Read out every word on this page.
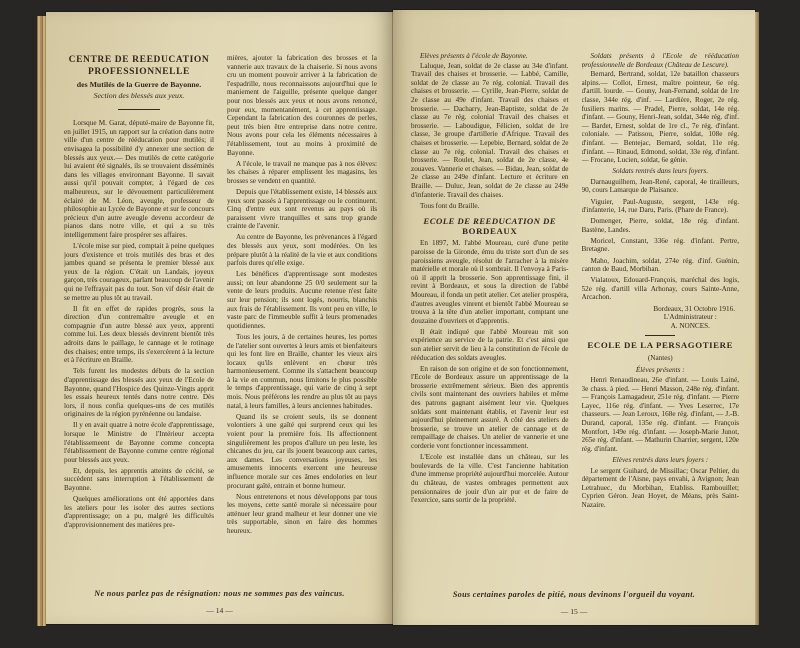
CENTRE DE REEDUCATION

PROFESSIONNELLE

des Mutilés de la Guerre de Bayonne.

Section des blessés aux yeux.

Lorsque M. Garat, député-maire de Bayonne fit, en juillet 1915, un rapport sur la création dans notre ville d'un centre de rééducation pour mutilés; il envisagea la possibilité d'y annexer une section de blessés aux yeux.— Des mutilés de cette catégorie lui avaient été signalés, ils se trouvaient disséminés dans les villages environnant Bayonne. Il savait aussi qu'il pouvait compter, à l'égard de ces malheureux, sur le dévouement particulièrement éclairé de M. Léon, aveugle, professeur de philosophie au Lycée de Bayonne et sur le concours précieux d'un autre aveugle devenu accordeur de pianos dans notre ville, et qui a su très intelligemment faire prospérer ses affaires.

L'école mise sur pied, comptait à peine quelques jours d'existence et trois mutilés des bras et des jambes quand se présenta le premier blessé aux yeux de la région. C'était un Landais, joyeux garçon, très courageux, parlant beaucoup de l'avenir qui ne l'effrayait pas du tout. Son vif désir était de se mettre au plus tôt au travail.

Il fit en effet de rapides progrès, sous la direction d'un contremaître aveugle et en compagnie d'un autre blessé aux yeux, apprenti comme lui. Les deux blessés devinrent bientôt très adroits dans le paillage, le cannage et le rotinage des chaises; entre temps, ils s'exercèrent à la lecture et à l'écriture en Braille.

Tels furent les modestes débuts de la section d'apprentissage des blessés aux yeux de l'Ecole de Bayonne, quand l'Hospice des Quinze-Vingts apprit les essais heureux tentés dans notre centre. Dès lors, il nous confia quelques-uns de ces mutilés originaires de la région pyrénéenne ou landaise.

Il y en avait quatre à notre école d'apprentissage, lorsque le Ministre de l'Intérieur accepta l'établissemeent de Bayonne comme concepta l'établissement de Bayonne comme centre régional pour blessés aux yeux.

Et, depuis, les apprentis atteints de cécité, se succèdent sans interruption à l'établissement de Bayonne.

Quelques améliorations ont été apportées dans les ateliers pour les isoler des autres sections d'apprentissage; on a pu, malgré les difficultés d'approvisionnement des matières pre-

mières, ajouter la fabrication des brosses et la vannerie aux travaux de la chaiserie. Si nous avons cru un moment pouvoir arriver à la fabrication de l'espadrille, nous reconnaissons aujourd'hui que le maniement de l'aiguille, présente quelque danger pour nos blessés aux yeux et nous avons renoncé, pour eux, momentanément, à cet apprentissage. Cependant la fabrication des couronnes de perles, peut très bien être entreprise dans notre centre. Nous avons pour cela les éléments nécessaires à l'établissement, tout au moins à proximité de Bayonne.

A l'école, le travail ne manque pas à nos élèves: les chaises à réparer emplissent les magasins, les brosses se vendent en quantité.

Depuis que l'établissement existe, 14 blessés aux yeux sont passés à l'apprentissage ou le continuent. Cinq d'entre eux sont revenus au pays où ils paraissent vivre tranquilles et sans trop grande crainte de l'avenir.

Au centre de Bayonne, les prévenances à l'égard des blessés aux yeux, sont modérées. On les prépare plutôt à la réalité de la vie et aux conditions parfois dures qu'elle exige.

Les bénéfices d'apprentissage sont modestes aussi; on leur abandonne 25 0/0 seulement sur la vente de leurs produits. Aucune retenue n'est faite sur leur pension; ils sont logés, nourris, blanchis aux frais de l'établissement. Ils vont peu en ville, le vaste parc de l'immeuble suffit à leurs promenades quotidiennes.

Tous les jours, à de certaines heures, les portes de l'atelier sont ouvertes à leurs amis et bienfaiteurs qui les font lire en Braille, chanter les vieux airs locaux qu'ils enlèvent en chœur très harmonieusement. Comme ils s'attachent beaucoup à la vie en commun, nous limitons le plus possible le temps d'apprentissage, qui varie de cinq à sept mois. Nous préférons les rendre au plus tôt au pays natal, à leurs familles, à leurs anciennes habitudes.

Quand ils se croient seuls, ils se donnent volontiers à une gaîté qui surprend ceux qui les voient pour la première fois. Ils affectionnent singulièrement les propos d'allure un peu leste, les chicanes du jeu, car ils jouent beaucoup aux cartes, aux dames. Les conversations joyeuses, les amusements innocents exercent une heureuse influence morale sur ces âmes endolories en leur procurant gaîté, entrain et bonne humeur.

Nous entretenons et nous développons par tous les moyens, cette santé morale si nécessaire pour atténuer leur grand malheur et leur donner une vie très supportable, sinon en faire des hommes heureux.

Ne nous parlez pas de résignation: nous ne sommes pas des vaincus.
— 14 —

Elèves présents à l'école de Bayonne.

Laluque, Jean, soldat de 2e classe au 34e d'infant. Travail des chaises et brosserie. — Labbé, Camille, soldat de 2e classe au 7e rég. colonial. Travail des chaises et brosserie. — Cyrille, Jean-Pierre, soldat de 2e classe au 49e d'infant. Travail des chaises et brosserie. — Dacharry, Jean-Baptiste, soldat de 2e classe au 7e rég. colonial Travail des chaises et brosserie. — Laboudigue, Félicien, soldat de 1re classe, 3e groupe d'artillerie d'Afrique. Travail des chaises et brosserie. — Lepebie, Bernard, soldat de 2e classe au 7e rég. colonial. Travail des chaises et brosserie. — Roulet, Jean, soldat de 2e classe, 4e zouaves. Vannerie et chaises. — Bidau, Jean, soldat de 2e classe au 249e d'infant. Lecture et écriture en Braille. — Duluc, Jean, soldat de 2e classe au 249e d'infanterie. Travail des chaises.

Tous font du Braille.

ECOLE DE REEDUCATION DE

BORDEAUX

En 1897, M. l'abbé Moureau, curé d'une petite paroisse de la Gironde, ému du triste sort d'un de ses paroissiens aveugle, résolut de l'arracher à la misère matérielle et morale où il sombrait. Il l'envoya à Paris-où il apprit la brosserie. Son apprentissage fini, il revint à Bordeaux, et sous la direction de l'abbé Moureau, il fonda un petit atelier. Cet atelier prospéra, d'autres aveugles vinrent et bientôt l'abbé Moureau se trouva à la tête d'un atelier important, comptant une douzaine d'ouvriers et d'apprentis.

Il était indiqué que l'abbé Moureau mit son expérience au service de la patrie. Et c'est ainsi que son atelier servit de lieu à la constitution de l'école de rééducation des soldats aveugles.

En raison de son origine et de son fonctionnement, l'Ecole de Bordeaux assure un apprentissage de la brosserie extrêmement sérieux. Bien des apprentis civils sont maintenant des ouvriers habiles et même des patrons gagnant aisément leur vie. Quelques soldats sont maintenant établis, et l'avenir leur est aujourd'hui pleinement assuré. A côté des ateliers de brosserie, se trouve un atelier de cannage et de rempaillage de chaises. Un atelier de vannerie et une corderie vont fonctionner incessamment.

L'Ecole est installée dans un château, sur les boulevards de la ville. C'est l'ancienne habitation d'une immense propriété aujourd'hui morcelée. Autour du château, de vastes ombrages permettent aux pensionnaires de jouir d'un air pur et de faire de l'exercice, sans sortir de la propriété.

Soldats présents à l'Ecole de rééducation professionnelle de Bordeaux (Château de Lescure).

Bernard, Bertrand, soldat, 12e bataillon chasseurs alpins.— Collot, Ernest, maître pointeur, 6e rég. d'artill. lourde. — Gouny, Jean-Fernand, soldat de 1re classe, 344e rég. d'inf. — Lardière, Roger, 2e rég. fusiliers marins. — Pradel, Pierre, soldat, 14e rég. d'infant. — Gouny, Henri-Jean, soldat, 344e rég. d'inf. — Bardet, Ernest, soldat de 1re cl., 7e rég. d'infant. coloniale. — Patissou, Pierre, soldat, 108e rég. d'infant. — Bentejac, Bernard, soldat, 11e rég. d'infant. — Rinaud, Edmond, soldat, 33e rég. d'infant. — Frocane, Lucien, soldat, 6e génie.

Soldats rentrés dans leurs foyers.

Darnauguilhem, Jean-René, caporal, 4e tirailleurs, 90, cours Lamarque de Plaisance.

Viguier, Paul-Auguste, sergent, 143e rég. d'infanterie, 14, rue Daru, Paris. (Phare de France).

Domenger, Pierre, soldat, 18e rég. d'infant. Bastène, Landes.

Moricel, Constant, 336e rég. d'infant. Pertre, Bretagne.

Maho, Joachim, soldat, 274e rég. d'inf. Guénin, canton de Baud, Morbihan.

Vialatoux, Edouard-François, maréchal des logis, 52e rég. d'artill villa Arhonay, cours Sainte-Anne, Arcachon.

Bordeaux, 31 Octobre 1916.

L'Administrateur :

A. NONCES.

ECOLE DE LA PERSAGOTIERE

(Nantes)

Élèves présents :

Henri Renaudineau, 26e d'infant. — Louis Lainé, 3e chass. à pied. — Henri Masson, 248e rég. d'infant. — François Lamagadeur, 251e rég. d'infant. — Pierre Layec, 116e rég. d'infant. — Yves Leserrec, 17e chasseurs. — Jean Leroux, 168e rég. d'infant, — J.-B. Durand, caporal, 135e rég. d'infant. — François Montfort, 149e rég. d'infant. — Joseph-Marie Junot, 265e rég. d'infant. — Mathurin Charrier, sergent, 120e rég. d'infant.

Elèves rentrés dans leurs foyers :

Le sergent Guihard, de Missillac; Oscar Peltier, du département de l'Aisne, pays envahi, à Avignon; Jean Letrahuec, du Morbihan, Etabliss. Rambouillet; Cyprien Géron. Jean Hoyet, de Méans, près Saint-Nazaire.

Sous certaines paroles de pitié, nous devinons l'orgueil du voyant.
— 15 —
